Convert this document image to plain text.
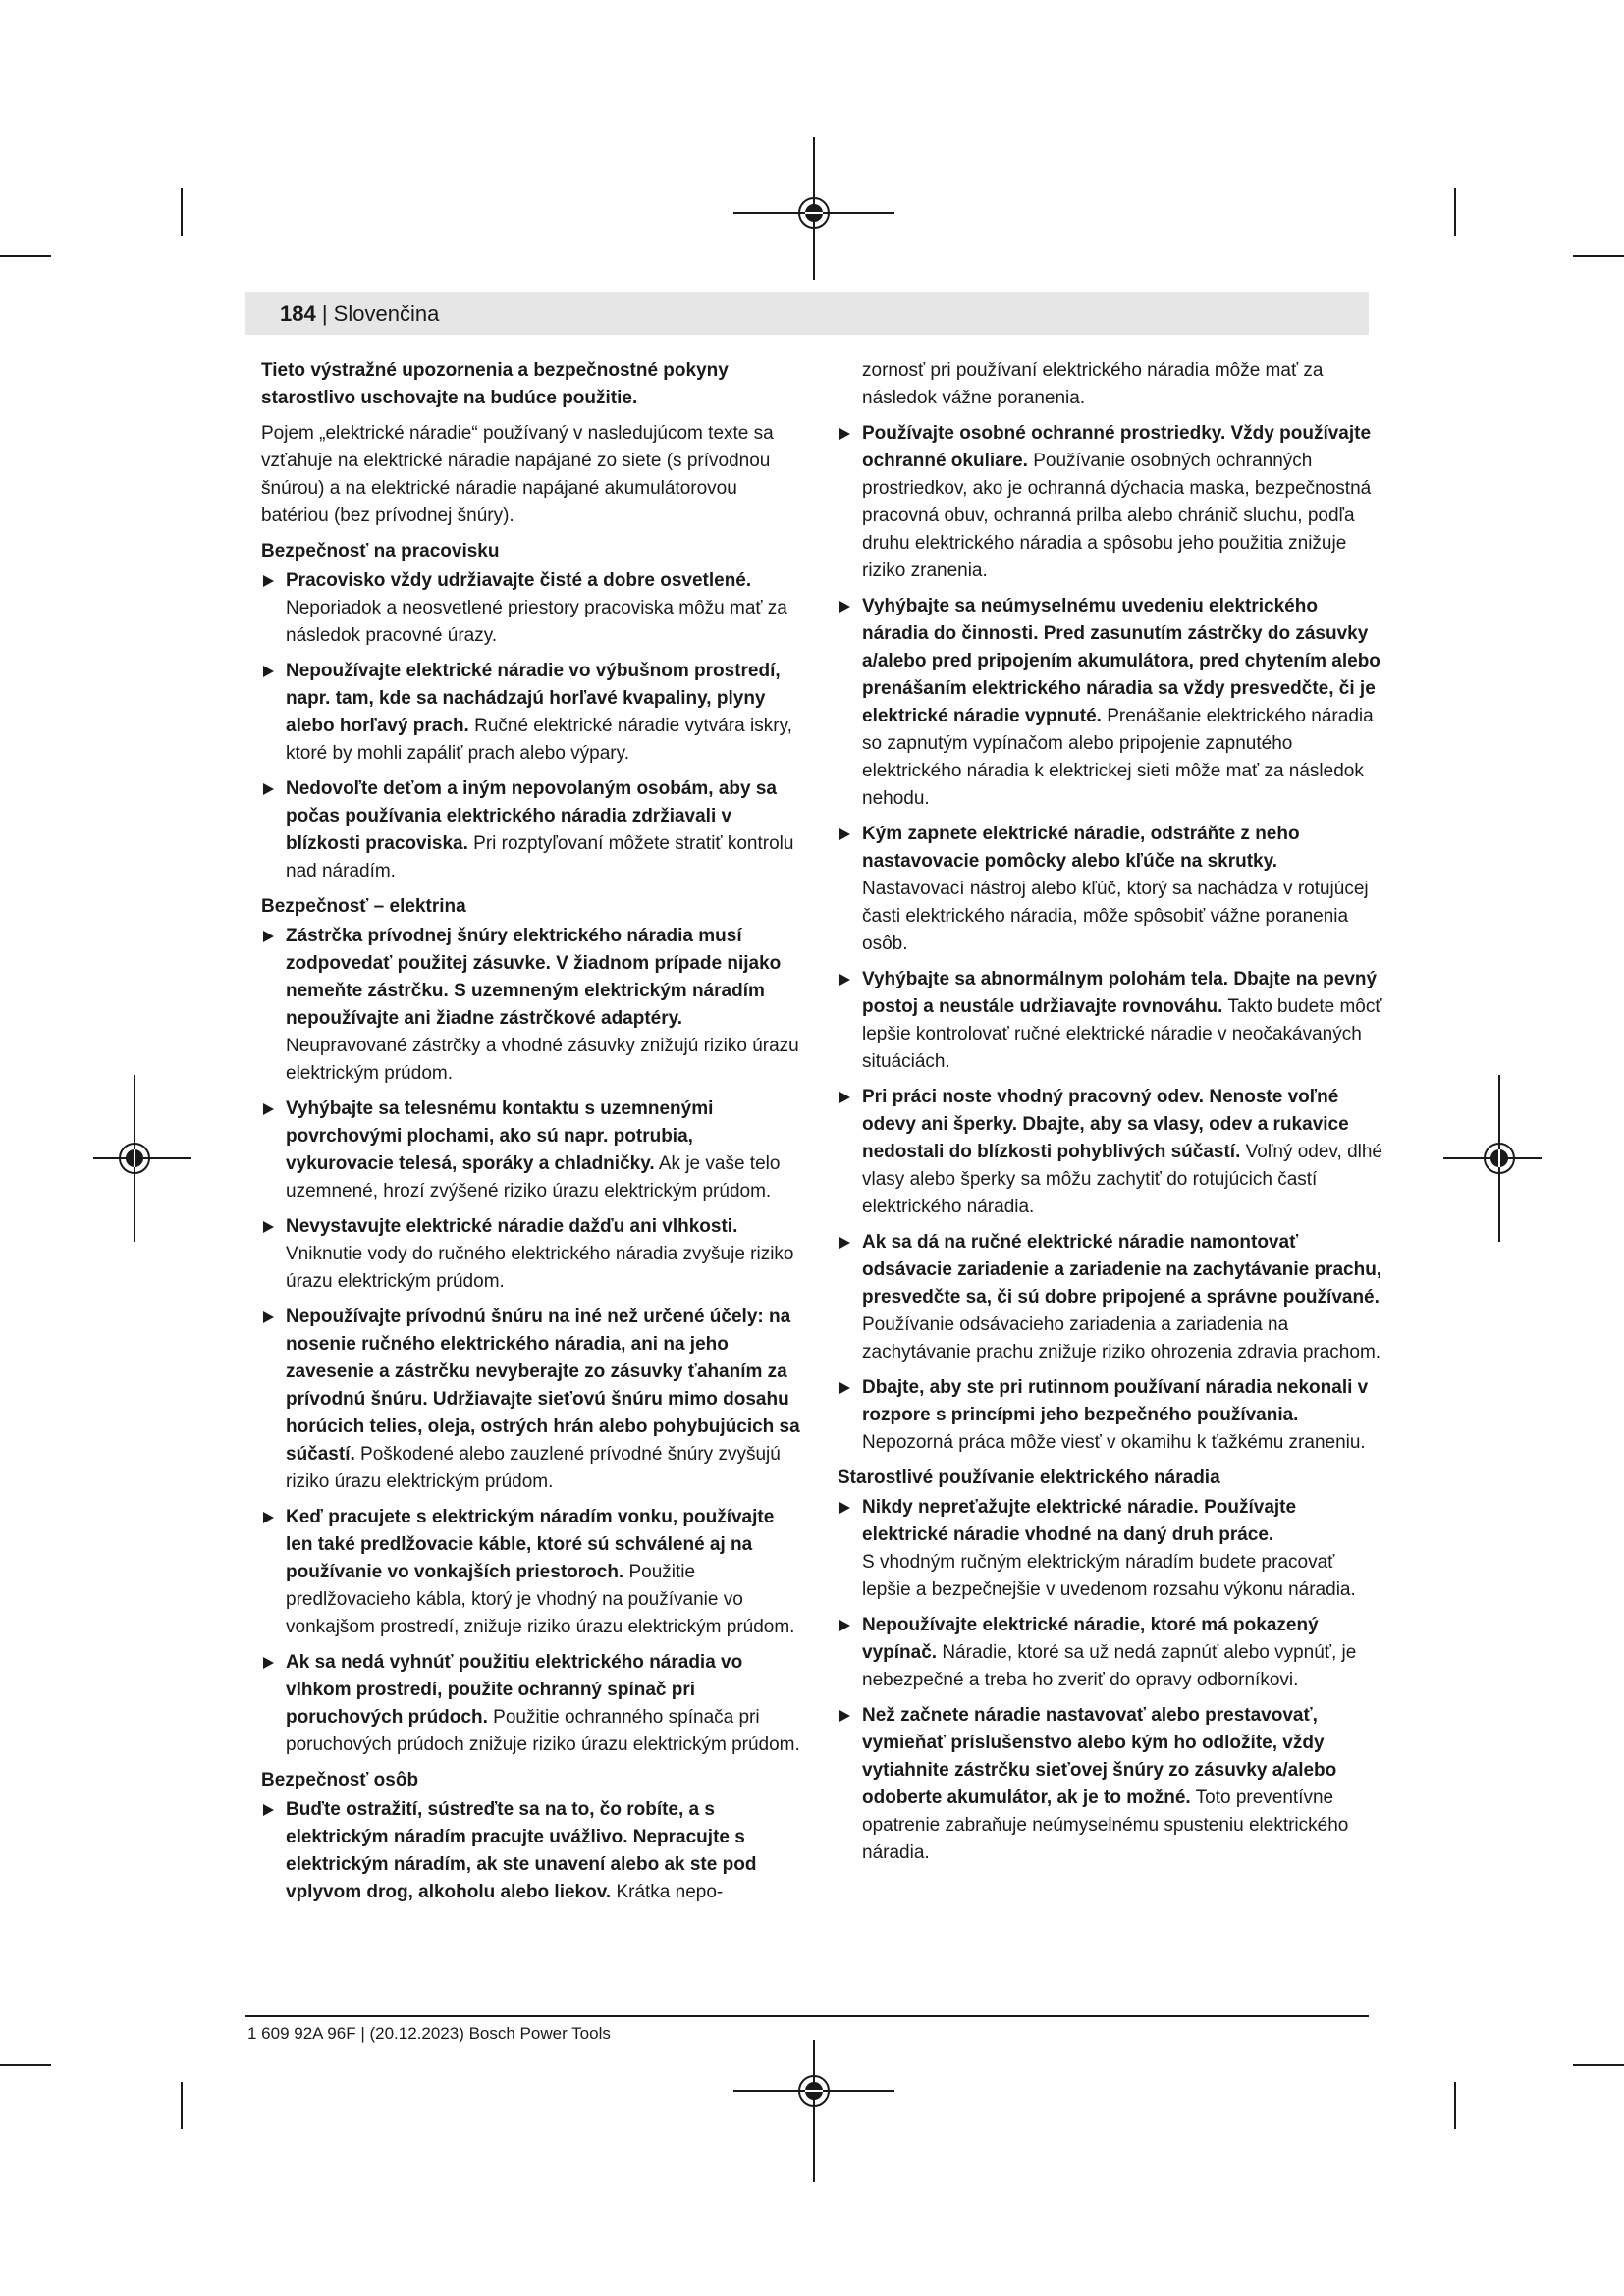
184 | Slovenčina

Tieto výstražné upozornenia a bezpečnostné pokyny starostlivo uschovajte na budúce použitie.

Pojem „elektrické náradie“ používaný v nasledujúcom texte sa vzťahuje na elektrické náradie napájané zo siete (s prívodnou šnúrou) a na elektrické náradie napájané akumulátorovou batériou (bez prívodnej šnúry).

Bezpečnosť na pracovisku
Pracovisko vždy udržiavajte čisté a dobre osvetlené.
Neporiadok a neosvetlené priestory pracoviska môžu mať za následok pracovné úrazy.
Nepoužívajte elektrické náradie vo výbušnom prostredí, napr. tam, kde sa nachádzajú horľavé kvapaliny, plyny alebo horľavý prach. Ručné elektrické náradie vytvára iskry, ktoré by mohli zapáliť prach alebo výpary.
Nedovoľte deťom a iným nepovolaným osobám, aby sa počas používania elektrického náradia zdržiavali v blízkosti pracoviska. Pri rozptyľovaní môžete stratiť kontrolu nad náradím.
Bezpečnosť – elektrina
Zástrčka prívodnej šnúry elektrického náradia musí zodpovedať použitej zásuvke. V žiadnom prípade nijako nemeňte zástrčku. S uzemneným elektrickým náradím nepoužívajte ani žiadne zástrčkové adaptéry. Neupravované zástrčky a vhodné zásuvky znižujú riziko úrazu elektrickým prúdom.
Vyhýbajte sa telesnému kontaktu s uzemnenými povrchovými plochami, ako sú napr. potrubia, vykurovacie telesá, sporáky a chladničky. Ak je vaše telo uzemnené, hrozí zvýšené riziko úrazu elektrickým prúdom.
Nevystavujte elektrické náradie dažďu ani vlhkosti.
Vniknutie vody do ručného elektrického náradia zvyšuje riziko úrazu elektrickým prúdom.
Nepoužívajte prívodnú šnúru na iné než určené účely: na nosenie ručného elektrického náradia, ani na jeho zavesenie a zástrčku nevyberajte zo zásuvky ťahaním za prívodnú šnúru. Udržiavajte sieťovú šnúru mimo dosahu horúcich telies, oleja, ostrých hrán alebo pohybujúcich sa súčastí. Poškodené alebo zauzlené prívodné šnúry zvyšujú riziko úrazu elektrickým prúdom.
Keď pracujete s elektrickým náradím vonku, používajte len také predlžovacie káble, ktoré sú schválené aj na používanie vo vonkajších priestoroch. Použitie predlžovacieho kábla, ktorý je vhodný na používanie vo vonkajšom prostredí, znižuje riziko úrazu elektrickým prúdom.
Ak sa nedá vyhnúť použitiu elektrického náradia vo vlhkom prostredí, použite ochranný spínač pri poruchových prúdoch. Použitie ochranného spínača pri poruchových prúdoch znižuje riziko úrazu elektrickým prúdom.
Bezpečnosť osôb
Buďte ostražití, sústreďte sa na to, čo robíte, a s elektrickým náradím pracujte uvážlivo. Nepracujte s elektrickým náradím, ak ste unavení alebo ak ste pod vplyvom drog, alkoholu alebo liekov. Krátka nepo-

zornosť pri používaní elektrického náradia môže mať za následok vážne poranenia.

Používajte osobné ochranné prostriedky. Vždy používajte ochranné okuliare. Používanie osobných ochranných prostriedkov, ako je ochranná dýchacia maska, bezpečnostná pracovná obuv, ochranná prilba alebo chránič sluchu, podľa druhu elektrického náradia a spôsobu jeho použitia znižuje riziko zranenia.
Vyhýbajte sa neúmyselnému uvedeniu elektrického náradia do činnosti. Pred zasunutím zástrčky do zásuvky a/alebo pred pripojením akumulátora, pred chytením alebo prenášaním elektrického náradia sa vždy presvedčte, či je elektrické náradie vypnuté. Prenášanie elektrického náradia so zapnutým vypínačom alebo pripojenie zapnutého elektrického náradia k elektrickej sieti môže mať za následok nehodu.
Kým zapnete elektrické náradie, odstráňte z neho nastavovacie pomôcky alebo kľúče na skrutky. Nastavovací nástroj alebo kľúč, ktorý sa nachádza v rotujúcej časti elektrického náradia, môže spôsobiť vážne poranenia osôb.
Vyhýbajte sa abnormálnym polohám tela. Dbajte na pevný postoj a neustále udržiavajte rovnováhu. Takto budete môcť lepšie kontrolovať ručné elektrické náradie v neočakávaných situáciách.
Pri práci noste vhodný pracovný odev. Nenoste voľné odevy ani šperky. Dbajte, aby sa vlasy, odev a rukavice nedostali do blízkosti pohyblivých súčastí. Voľný odev, dlhé vlasy alebo šperky sa môžu zachytiť do rotujúcich častí elektrického náradia.
Ak sa dá na ručné elektrické náradie namontovať odsávacie zariadenie a zariadenie na zachytávanie prachu, presvedčte sa, či sú dobre pripojené a správne používané. Používanie odsávacieho zariadenia a zariadenia na zachytávanie prachu znižuje riziko ohrozenia zdravia prachom.
Dbajte, aby ste pri rutinnom používaní náradia nekonali v rozpore s princípmi jeho bezpečného používania. Nepozorná práca môže viesť v okamihu k ťažkému zraneniu.
Starostlivé používanie elektrického náradia
Nikdy nepreťažujte elektrické náradie. Používajte elektrické náradie vhodné na daný druh práce.
S vhodným ručným elektrickým náradím budete pracovať lepšie a bezpečnejšie v uvedenom rozsahu výkonu náradia.
Nepoužívajte elektrické náradie, ktoré má pokazený vypínač. Náradie, ktoré sa už nedá zapnúť alebo vypnúť, je nebezpečné a treba ho zveriť do opravy odborníkovi.
Než začnete náradie nastavovať alebo prestavovať, vymieňať príslušenstvo alebo kým ho odložíte, vždy vytiahnite zástrčku sieťovej šnúry zo zásuvky a/alebo odoberte akumulátor, ak je to možné. Toto preventívne opatrenie zabraňuje neúmyselnému spusteniu elektrického náradia.
1 609 92A 96F | (20.12.2023) Bosch Power Tools
